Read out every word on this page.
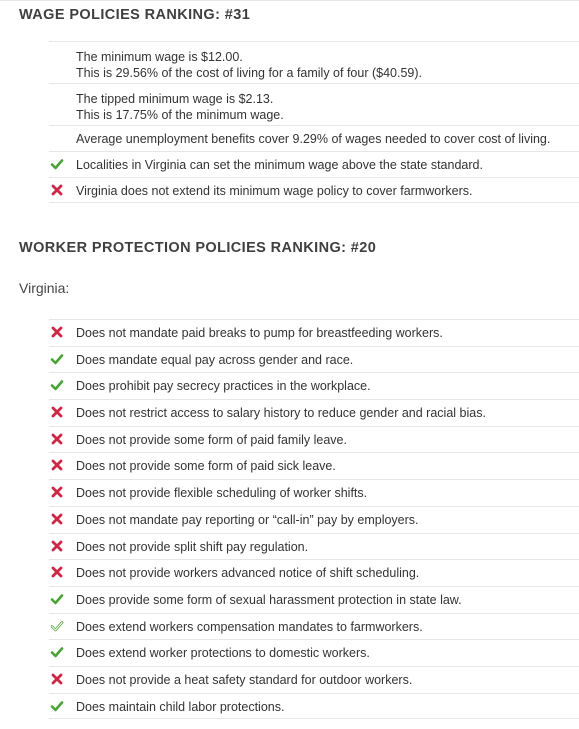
WAGE POLICIES RANKING: #31
The minimum wage is $12.00.
This is 29.56% of the cost of living for a family of four ($40.59).
The tipped minimum wage is $2.13.
This is 17.75% of the minimum wage.
Average unemployment benefits cover 9.29% of wages needed to cover cost of living.
Localities in Virginia can set the minimum wage above the state standard.
Virginia does not extend its minimum wage policy to cover farmworkers.
WORKER PROTECTION POLICIES RANKING: #20
Virginia:
Does not mandate paid breaks to pump for breastfeeding workers.
Does mandate equal pay across gender and race.
Does prohibit pay secrecy practices in the workplace.
Does not restrict access to salary history to reduce gender and racial bias.
Does not provide some form of paid family leave.
Does not provide some form of paid sick leave.
Does not provide flexible scheduling of worker shifts.
Does not mandate pay reporting or “call-in” pay by employers.
Does not provide split shift pay regulation.
Does not provide workers advanced notice of shift scheduling.
Does provide some form of sexual harassment protection in state law.
Does extend workers compensation mandates to farmworkers.
Does extend worker protections to domestic workers.
Does not provide a heat safety standard for outdoor workers.
Does maintain child labor protections.
